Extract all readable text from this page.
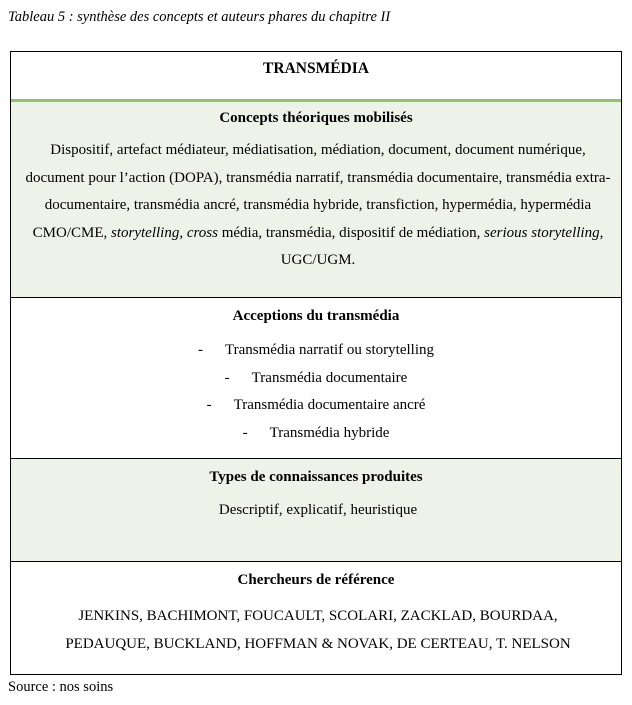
Tableau 5 : synthèse des concepts et auteurs phares du chapitre II
TRANSMÉDIA
Concepts théoriques mobilisés
Dispositif, artefact médiateur, médiatisation, médiation, document, document numérique, document pour l’action (DOPA), transmédia narratif, transmédia documentaire, transmédia extra-documentaire, transmédia ancré, transmédia hybride, transfiction, hypermédia, hypermédia CMO/CME, storytelling, cross média, transmédia, dispositif de médiation, serious storytelling, UGC/UGM.
Acceptions du transmédia
- Transmédia narratif ou storytelling
- Transmédia documentaire
- Transmédia documentaire ancré
- Transmédia hybride
Types de connaissances produites
Descriptif, explicatif, heuristique
Chercheurs de référence
JENKINS, BACHIMONT, FOUCAULT, SCOLARI, ZACKLAD, BOURDAA,
PEDAUQUE, BUCKLAND, HOFFMAN & NOVAK, DE CERTEAU, T. NELSON
Source : nos soins
